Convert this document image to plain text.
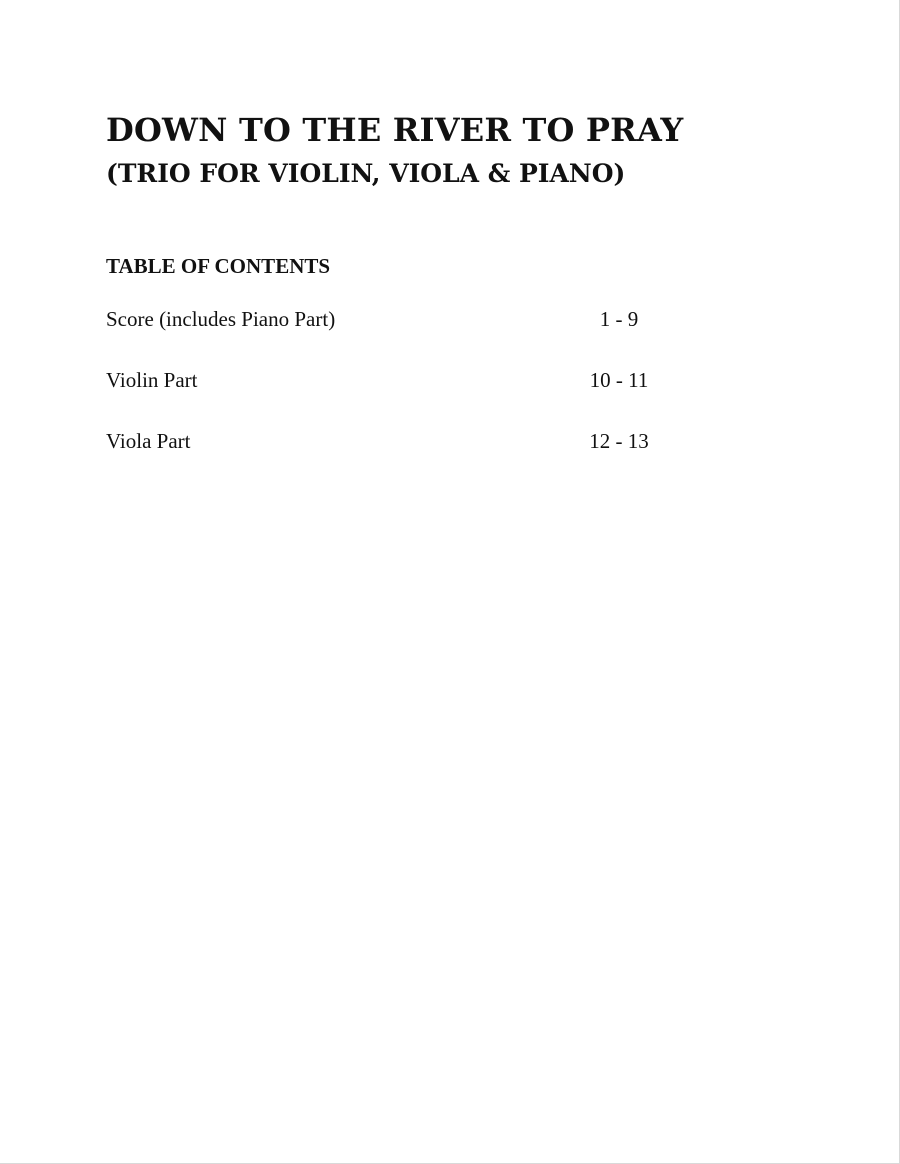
DOWN TO THE RIVER TO PRAY
(TRIO FOR VIOLIN, VIOLA & PIANO)
TABLE OF CONTENTS
Score (includes Piano Part)	1 - 9
Violin Part	10 - 11
Viola Part	12 - 13
